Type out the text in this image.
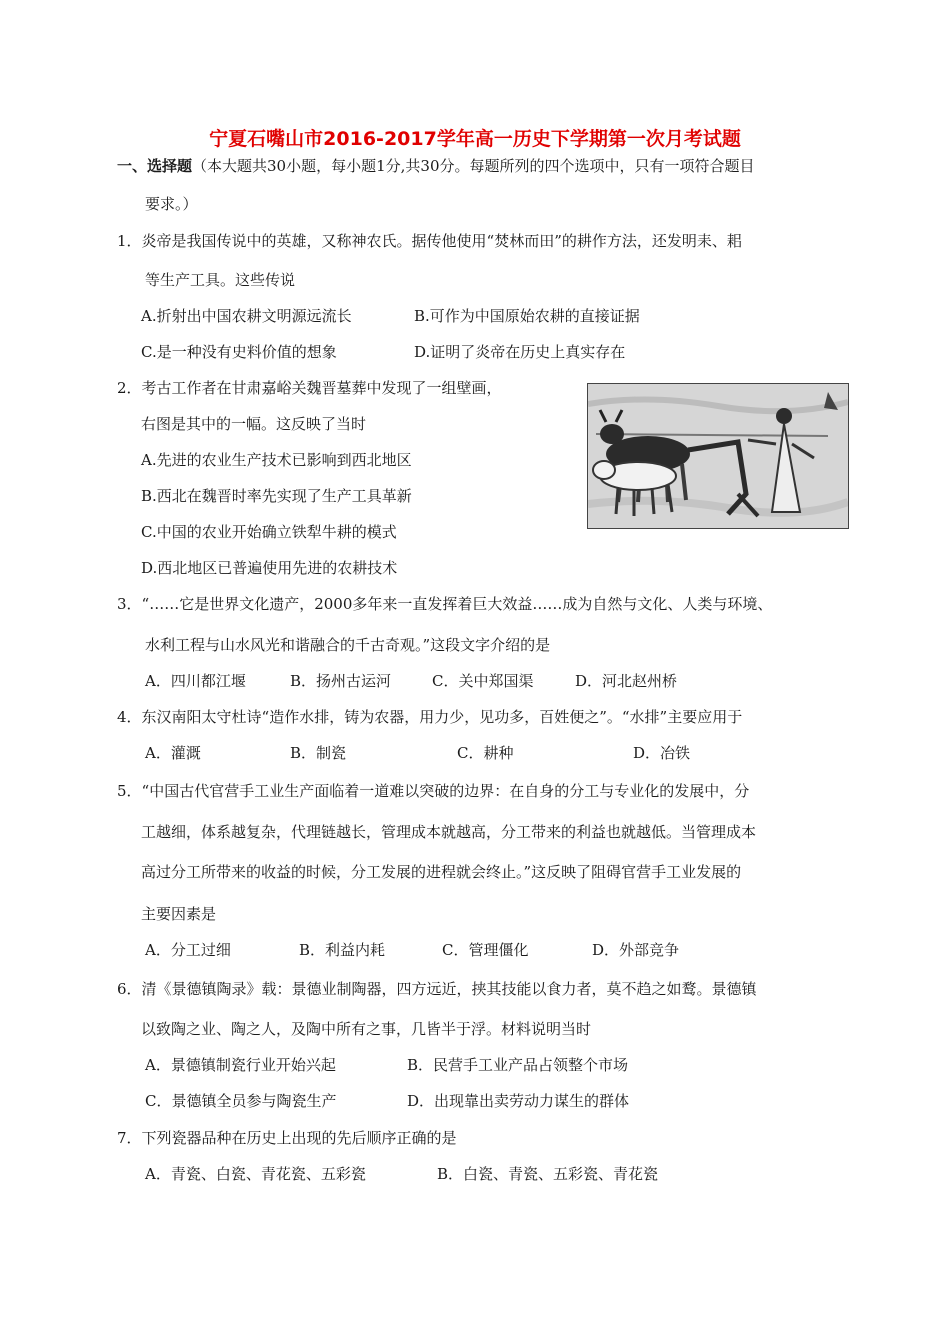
宁夏石嘴山市2016-2017学年高一历史下学期第一次月考试题
一、选择题（本大题共30小题，每小题1分,共30分。每题所列的四个选项中，只有一项符合题目
要求。）
1．炎帝是我国传说中的英雄，又称神农氏。据传他使用“焚林而田”的耕作方法，还发明耒、耜
等生产工具。这些传说
A.折射出中国农耕文明源远流长	B.可作为中国原始农耕的直接证据
C.是一种没有史料价值的想象	D.证明了炎帝在历史上真实存在
2．考古工作者在甘肃嘉峪关魏晋墓葬中发现了一组壁画，
右图是其中的一幅。这反映了当时
A.先进的农业生产技术已影响到西北地区
B.西北在魏晋时率先实现了生产工具革新
C.中国的农业开始确立铁犁牛耕的模式
D.西北地区已普遍使用先进的农耕技术
3．“……它是世界文化遗产，2000多年来一直发挥着巨大效益……成为自然与文化、人类与环境、
水利工程与山水风光和谐融合的千古奇观。”这段文字介绍的是
A．四川都江堰	B．扬州古运河	C．关中郑国渠	D．河北赵州桥
4．东汉南阳太守杜诗“造作水排，铸为农器，用力少，见功多，百姓便之”。“水排”主要应用于
A．灌溉	B．制瓷	C．耕种	D．冶铁
5．“中国古代官营手工业生产面临着一道难以突破的边界：在自身的分工与专业化的发展中，分
工越细，体系越复杂，代理链越长，管理成本就越高，分工带来的利益也就越低。当管理成本
高过分工所带来的收益的时候，分工发展的进程就会终止。”这反映了阻碍官营手工业发展的
主要因素是
A．分工过细	B．利益内耗	C．管理僵化	D．外部竞争
6．清《景德镇陶录》载：景德业制陶器，四方远近，挟其技能以食力者，莫不趋之如鹜。景德镇
以致陶之业、陶之人，及陶中所有之事，几皆半于浮。材料说明当时
A．景德镇制瓷行业开始兴起	B．民营手工业产品占领整个市场
C．景德镇全员参与陶瓷生产	D．出现靠出卖劳动力谋生的群体
7．下列瓷器品种在历史上出现的先后顺序正确的是
A．青瓷、白瓷、青花瓷、五彩瓷	B．白瓷、青瓷、五彩瓷、青花瓷
